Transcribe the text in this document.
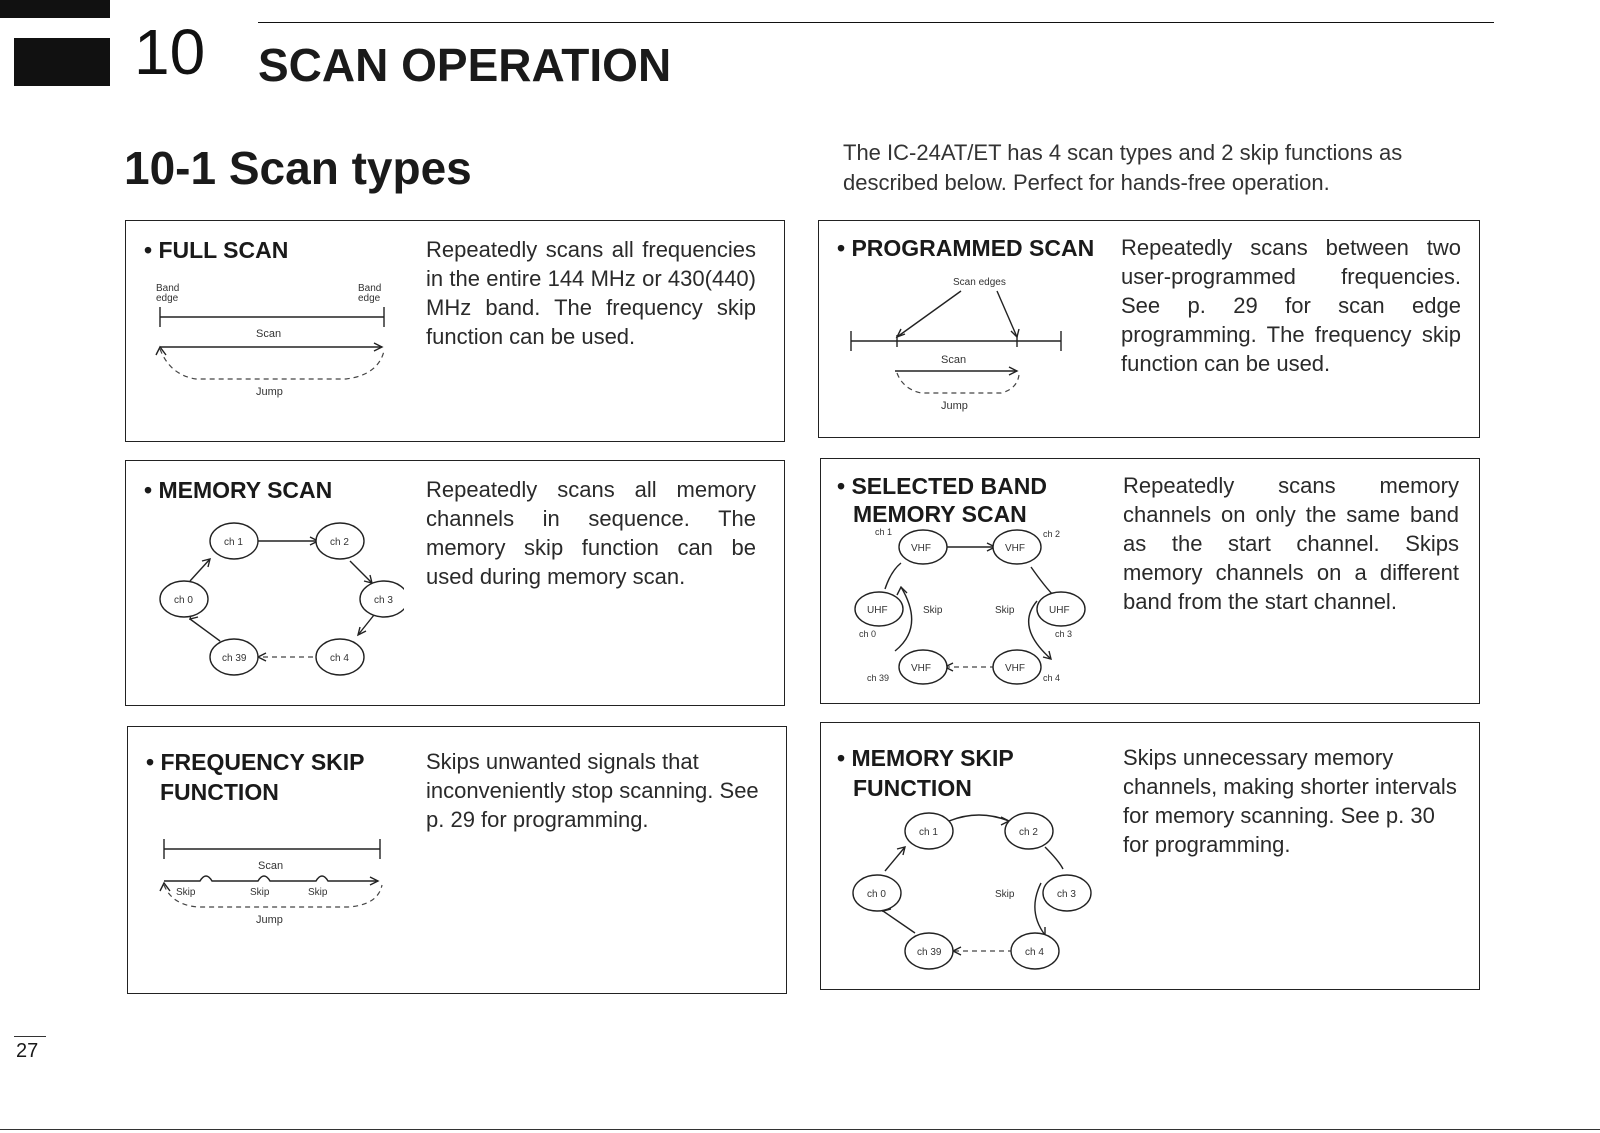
10 SCAN OPERATION
10-1 Scan types	The IC-24AT/ET has 4 scan types and 2 skip functions as described below. Perfect for hands-free operation.
• FULL SCAN
Band
edge
Band
edge
Scan
Jump
Repeatedly scans all frequencies in the entire 144 MHz or 430(440) MHz band. The frequency skip function can be used.
• PROGRAMMED SCAN
Scan edges
Scan
Jump
Repeatedly scans between two user-programmed frequencies. See p. 29 for scan edge programming. The frequency skip function can be used.
• MEMORY SCAN
ch 1	ch 2
ch 3
ch 4
ch 39
ch 0
Repeatedly scans all memory channels in sequence. The memory skip function can be used during memory scan.
• SELECTED BAND
MEMORY SCAN
VHF
ch 1
VHF
ch 2
UHF
ch 3
Skip
VHF
ch 4
VHF
ch 39
UHF
ch 0
Skip
Repeatedly scans memory channels on only the same band as the start channel. Skips memory channels on a different band from the start channel.
• FREQUENCY SKIP
FUNCTION
Scan
Skip	Skip	Skip
Jump
Skips unwanted signals that inconveniently stop scanning. See p. 29 for programming.
• MEMORY SKIP
FUNCTION
ch 1	ch 2
ch 3
Skip
ch 4
ch 39
ch 0
Skips unnecessary memory channels, making shorter intervals for memory scanning. See p. 30 for programming.
27
